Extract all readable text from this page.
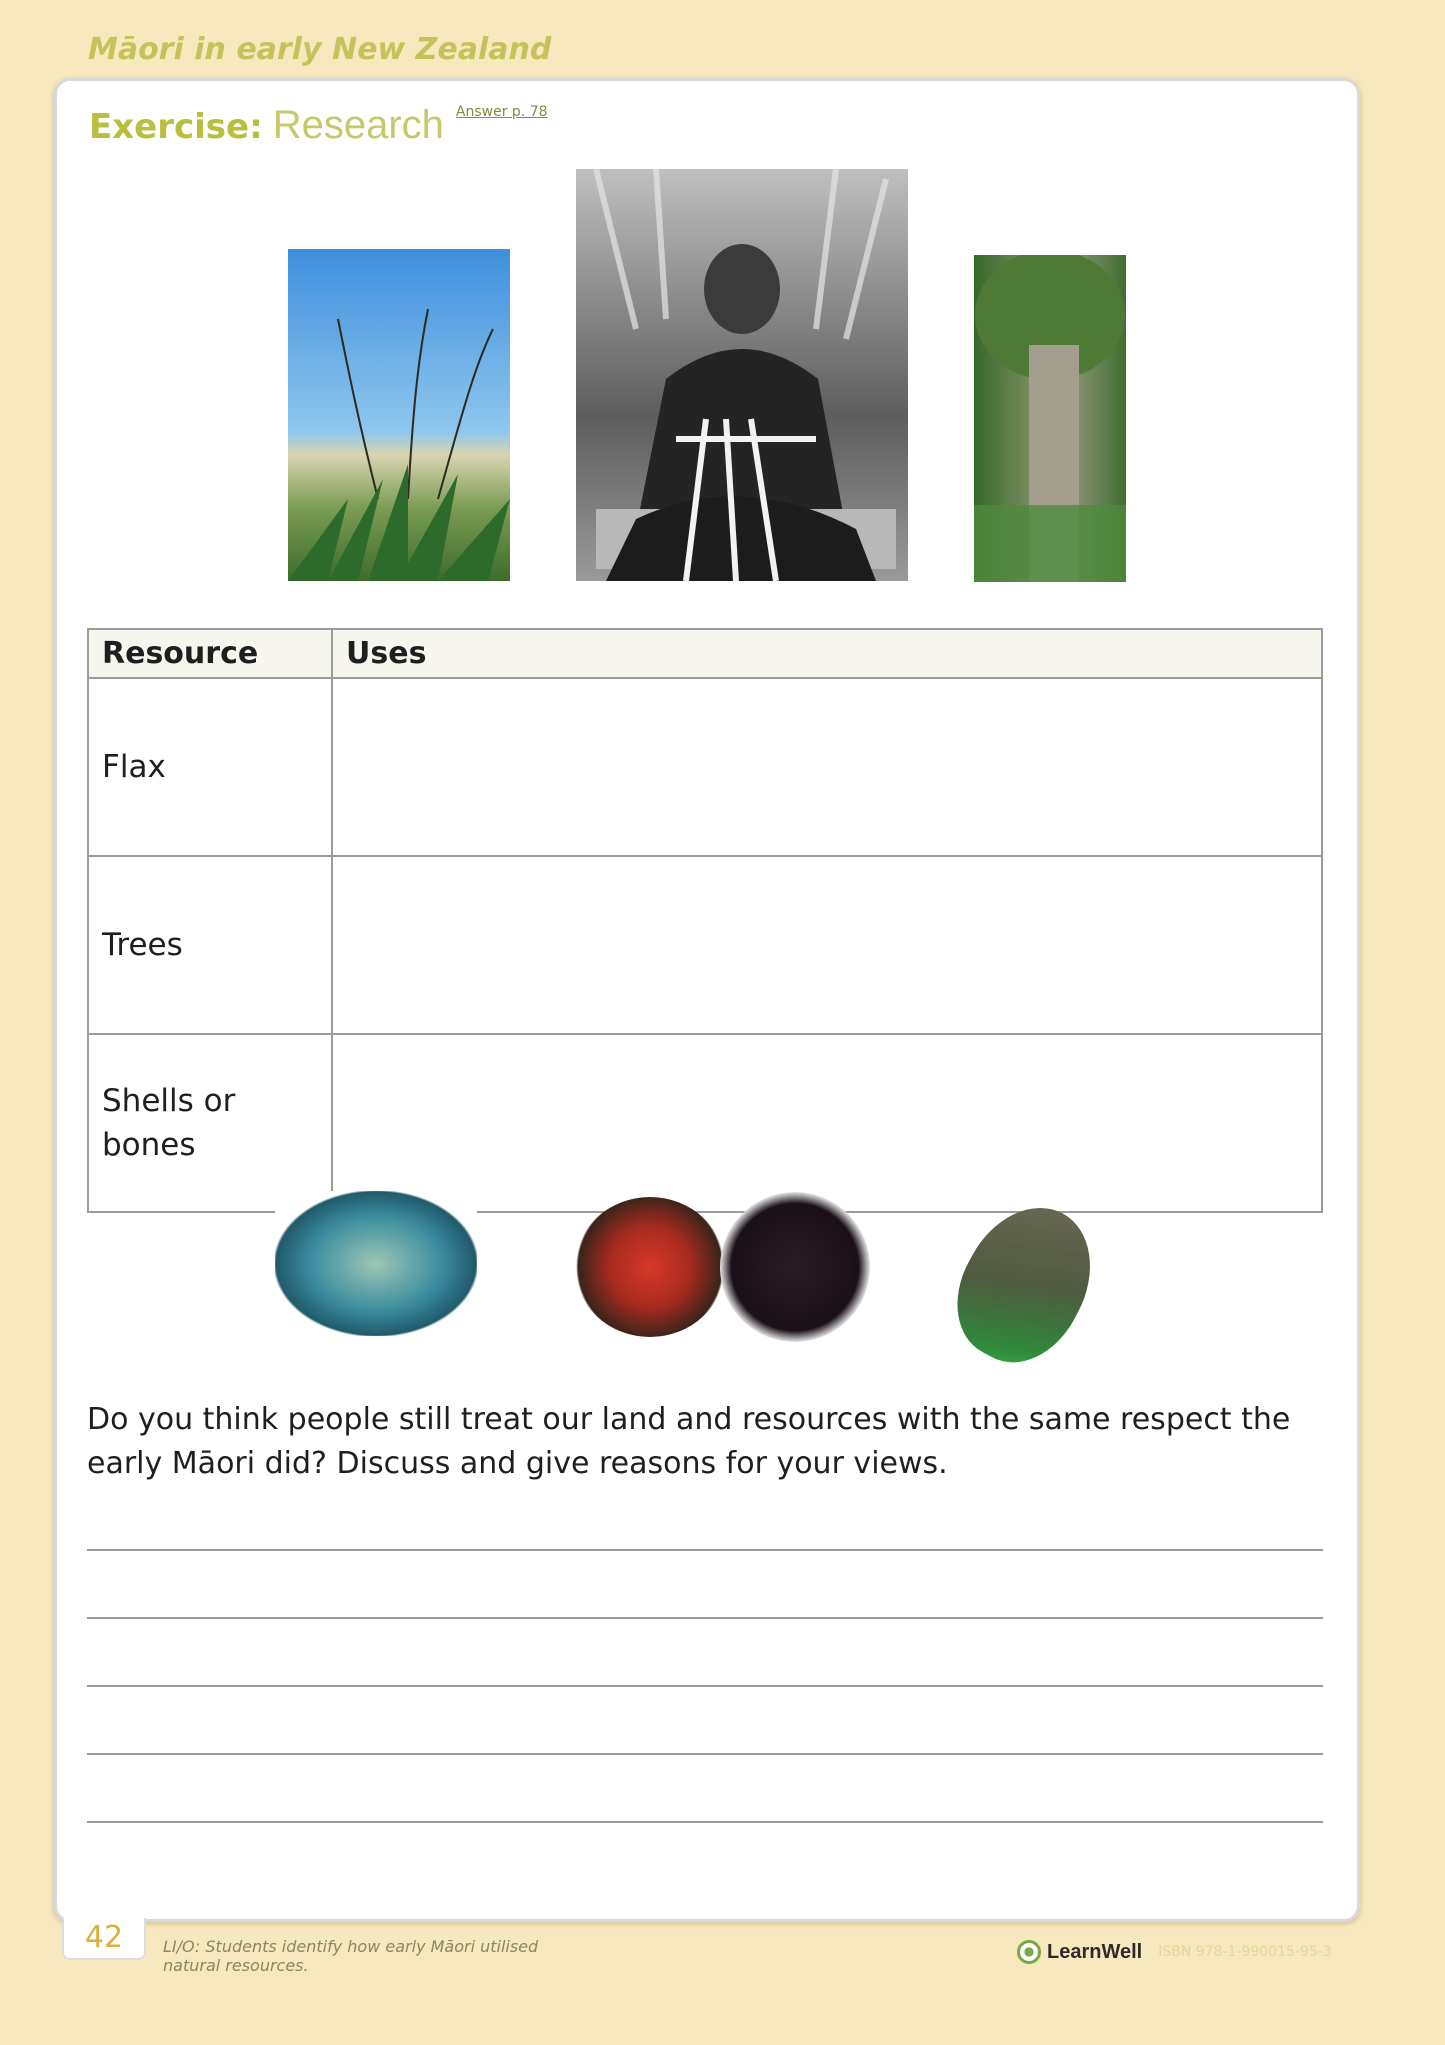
Māori in early New Zealand
Exercise: Research Answer p. 78
Resource	Uses

Flax	

Trees	

Shells or bones	

Do you think people still treat our land and resources with the same respect the early Māori did? Discuss and give reasons for your views.
42	LI/O: Students identify how early Māori utilised natural resources.
LearnWell ISBN 978-1-990015-95-3
